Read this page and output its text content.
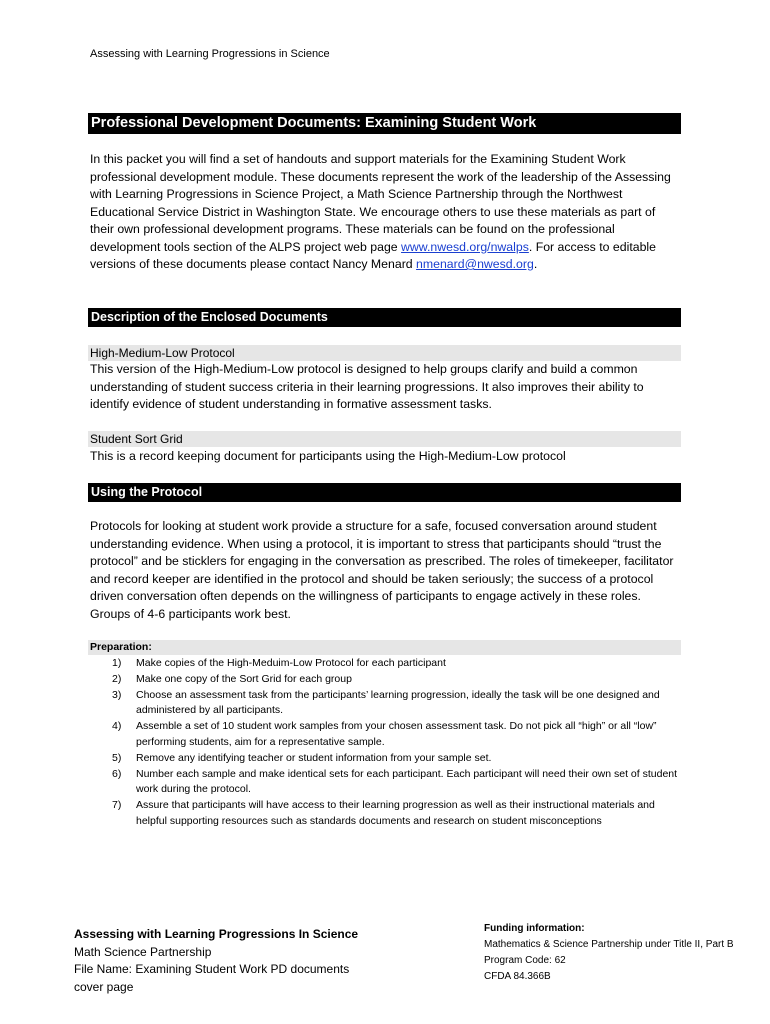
Assessing with Learning Progressions in Science
Professional Development Documents: Examining Student Work

In this packet you will find a set of handouts and support materials for the Examining Student Work professional development module. These documents represent the work of the leadership of the Assessing with Learning Progressions in Science Project, a Math Science Partnership through the Northwest Educational Service District in Washington State. We encourage others to use these materials as part of their own professional development programs. These materials can be found on the professional development tools section of the ALPS project web page www.nwesd.org/nwalps. For access to editable versions of these documents please contact Nancy Menard nmenard@nwesd.org.

Description of the Enclosed Documents
High-Medium-Low Protocol

This version of the High-Medium-Low protocol is designed to help groups clarify and build a common understanding of student success criteria in their learning progressions. It also improves their ability to identify evidence of student understanding in formative assessment tasks.

Student Sort Grid

This is a record keeping document for participants using the High-Medium-Low protocol

Using the Protocol

Protocols for looking at student work provide a structure for a safe, focused conversation around student understanding evidence. When using a protocol, it is important to stress that participants should “trust the protocol” and be sticklers for engaging in the conversation as prescribed. The roles of timekeeper, facilitator and record keeper are identified in the protocol and should be taken seriously; the success of a protocol driven conversation often depends on the willingness of participants to engage actively in these roles. Groups of 4-6 participants work best.

Preparation:
1) Make copies of the High-Meduim-Low Protocol for each participant
2) Make one copy of the Sort Grid for each group
3) Choose an assessment task from the participants’ learning progression, ideally the task will be one designed and administered by all participants.
4) Assemble a set of 10 student work samples from your chosen assessment task. Do not pick all “high” or all “low” performing students, aim for a representative sample.
5) Remove any identifying teacher or student information from your sample set.
6) Number each sample and make identical sets for each participant. Each participant will need their own set of student work during the protocol.
7) Assure that participants will have access to their learning progression as well as their instructional materials and helpful supporting resources such as standards documents and research on student misconceptions
Assessing with Learning Progressions In Science
Math Science Partnership
File Name: Examining Student Work PD documents
cover page
Funding information:
Mathematics & Science Partnership under Title II, Part B
Program Code: 62
CFDA 84.366B
